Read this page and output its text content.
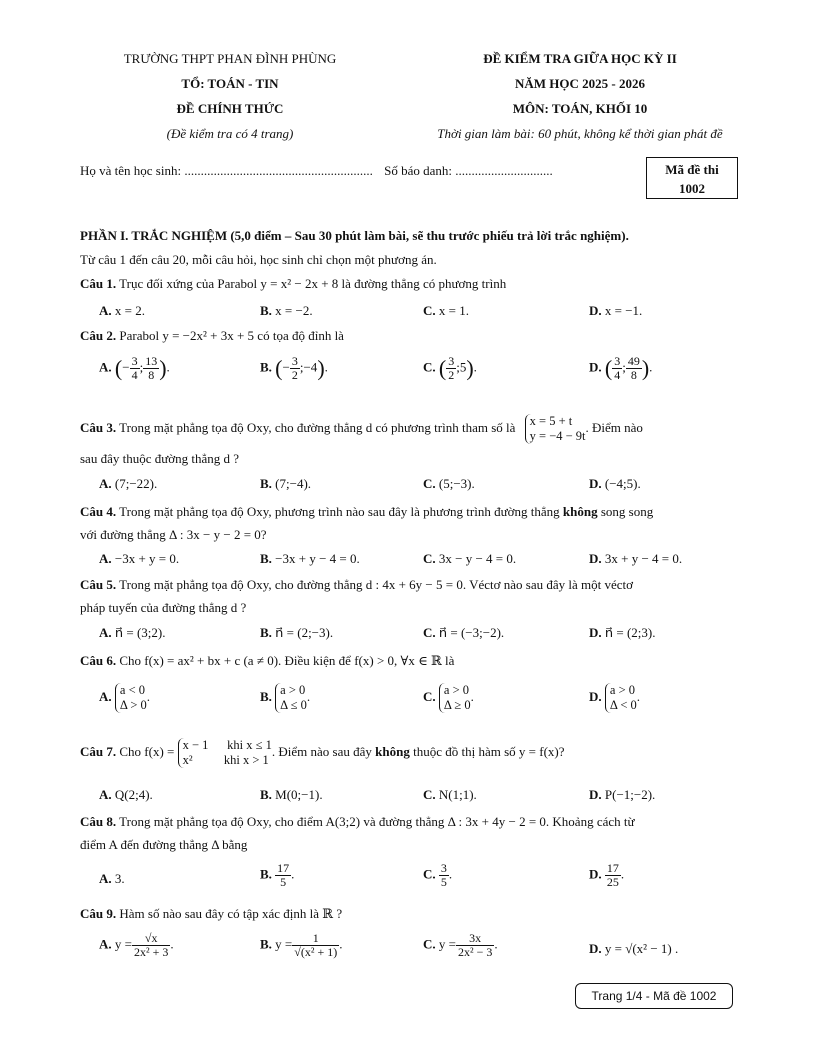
TRƯỜNG THPT PHAN ĐÌNH PHÙNG
TỔ: TOÁN - TIN
ĐỀ CHÍNH THỨC
(Đề kiểm tra có 4 trang)
ĐỀ KIỂM TRA GIỮA HỌC KỲ II
NĂM HỌC 2025 - 2026
MÔN: TOÁN, KHỐI 10
Thời gian làm bài: 60 phút, không kể thời gian phát đề
Họ và tên học sinh: .......................................................... Số báo danh: ..............................	Mã đề thi
1002
PHẦN I. TRẮC NGHIỆM (5,0 điểm – Sau 30 phút làm bài, sẽ thu trước phiếu trả lời trắc nghiệm).
Từ câu 1 đến câu 20, mỗi câu hỏi, học sinh chỉ chọn một phương án.
Câu 1. Trục đối xứng của Parabol y = x² − 2x + 8 là đường thẳng có phương trình
A. x = 2.	B. x = −2.	C. x = 1.	D. x = −1.
Câu 2. Parabol y = −2x² + 3x + 5 có tọa độ đỉnh là
A. (− $\frac{3}{4}$ ; $\frac{13}{8}$ ).	B. (− $\frac{3}{2}$ ;−4).	C. ( $\frac{3}{2}$ ;5).	D. ( $\frac{3}{4}$ ; $\frac{49}{8}$ ).
Câu 3. Trong mặt phẳng tọa độ Oxy, cho đường thẳng d có phương trình tham số là x = 5 + t
y = −4 − 9t
. Điểm nào
sau đây thuộc đường thẳng d ?
A. (7;−22).	B. (7;−4).	C. (5;−3).	D. (−4;5).
Câu 4. Trong mặt phẳng tọa độ Oxy, phương trình nào sau đây là phương trình đường thẳng không song song
với đường thẳng Δ : 3x − y − 2 = 0?
A. −3x + y = 0.	B. −3x + y − 4 = 0.	C. 3x − y − 4 = 0.	D. 3x + y − 4 = 0.
Câu 5. Trong mặt phẳng tọa độ Oxy, cho đường thẳng d : 4x + 6y − 5 = 0. Véctơ nào sau đây là một véctơ
pháp tuyến của đường thẳng d ?
A. n⃗ = (3;2).	B. n⃗ = (2;−3).	C. n⃗ = (−3;−2).	D. n⃗ = (2;3).
Câu 6. Cho f(x) = ax² + bx + c (a ≠ 0). Điều kiện để f(x) > 0, ∀x ∈ ℝ là
A. a < 0
Δ > 0
.	B. a > 0
Δ ≤ 0
.	C. a > 0
Δ ≥ 0
.	D. a > 0
Δ < 0
.
Câu 7. Cho f(x) = x − 1      khi x ≤ 1
x²          khi x > 1
. Điểm nào sau đây không thuộc đồ thị hàm số y = f(x)?
A. Q(2;4).	B. M(0;−1).	C. N(1;1).	D. P(−1;−2).
Câu 8. Trong mặt phẳng tọa độ Oxy, cho điểm A(3;2) và đường thẳng Δ : 3x + 4y − 2 = 0. Khoảng cách từ
điểm A đến đường thẳng Δ bằng
A. 3.	B. $\frac{17}{5}$ .	C. $\frac{3}{5}$ .	D. $\frac{17}{25}$ .
Câu 9. Hàm số nào sau đây có tập xác định là ℝ ?
A. $y = \frac{√x}{\text{2x² + 3}}$ .	B. $y = \frac{1}{\text{√(x² + 1)}}$ .	C. $y = \frac{3x}{\text{2x² − 3}}$ .	D. y = √(x² − 1) .
Trang 1/4 - Mã đề 1002
